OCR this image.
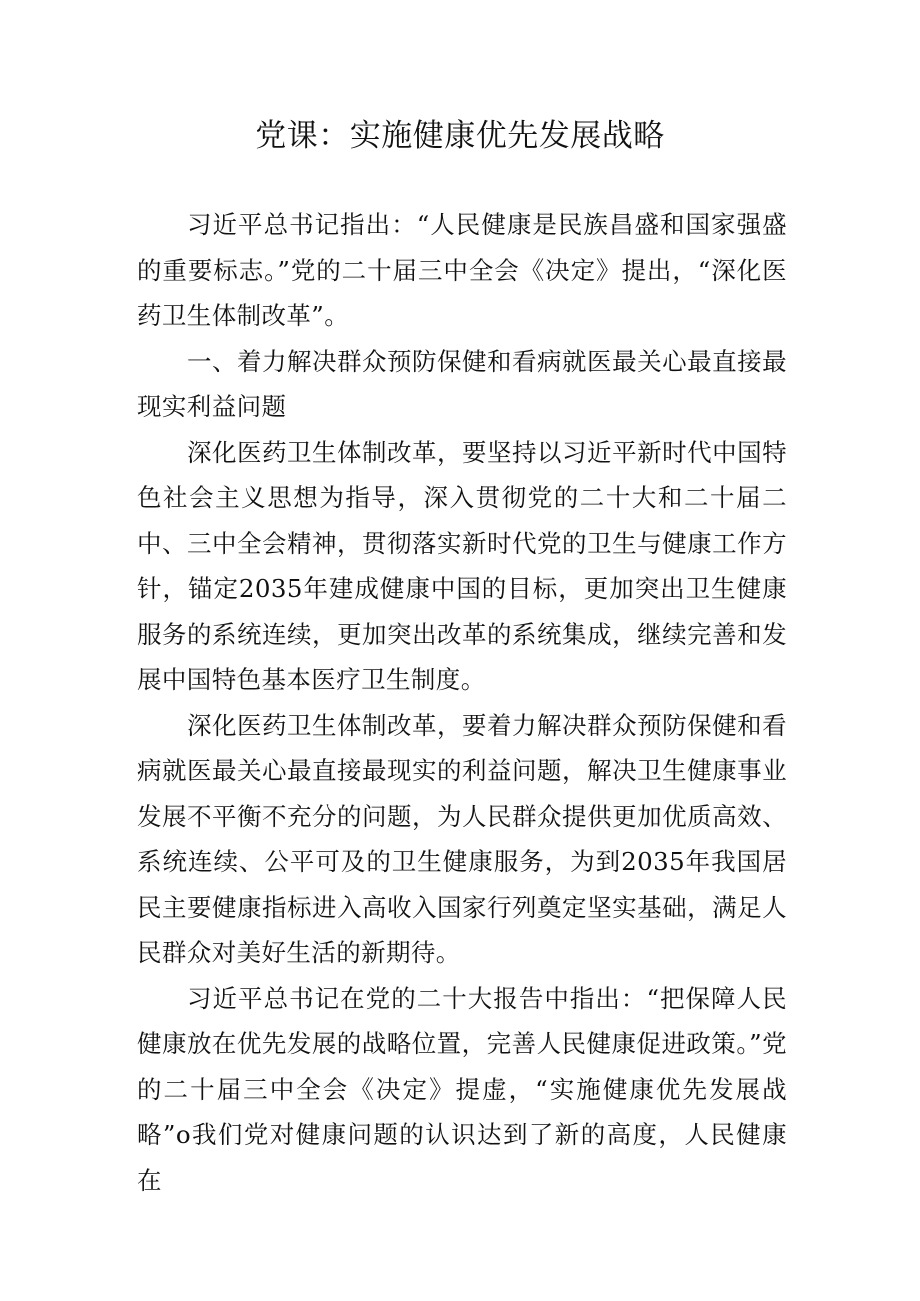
党课：实施健康优先发展战略

习近平总书记指出：“人民健康是民族昌盛和国家强盛的重要标志。”党的二十届三中全会《决定》提出，“深化医药卫生体制改革”。

一、着力解决群众预防保健和看病就医最关心最直接最现实利益问题

深化医药卫生体制改革，要坚持以习近平新时代中国特色社会主义思想为指导，深入贯彻党的二十大和二十届二中、三中全会精神，贯彻落实新时代党的卫生与健康工作方针，锚定2035年建成健康中国的目标，更加突出卫生健康服务的系统连续，更加突出改革的系统集成，继续完善和发展中国特色基本医疗卫生制度。

深化医药卫生体制改革，要着力解决群众预防保健和看病就医最关心最直接最现实的利益问题，解决卫生健康事业发展不平衡不充分的问题，为人民群众提供更加优质高效、系统连续、公平可及的卫生健康服务，为到2035年我国居民主要健康指标进入高收入国家行列奠定坚实基础，满足人民群众对美好生活的新期待。

习近平总书记在党的二十大报告中指出：“把保障人民健康放在优先发展的战略位置，完善人民健康促进政策。”党的二十届三中全会《决定》提虚，“实施健康优先发展战略”o我们党对健康问题的认识达到了新的高度，人民健康在
